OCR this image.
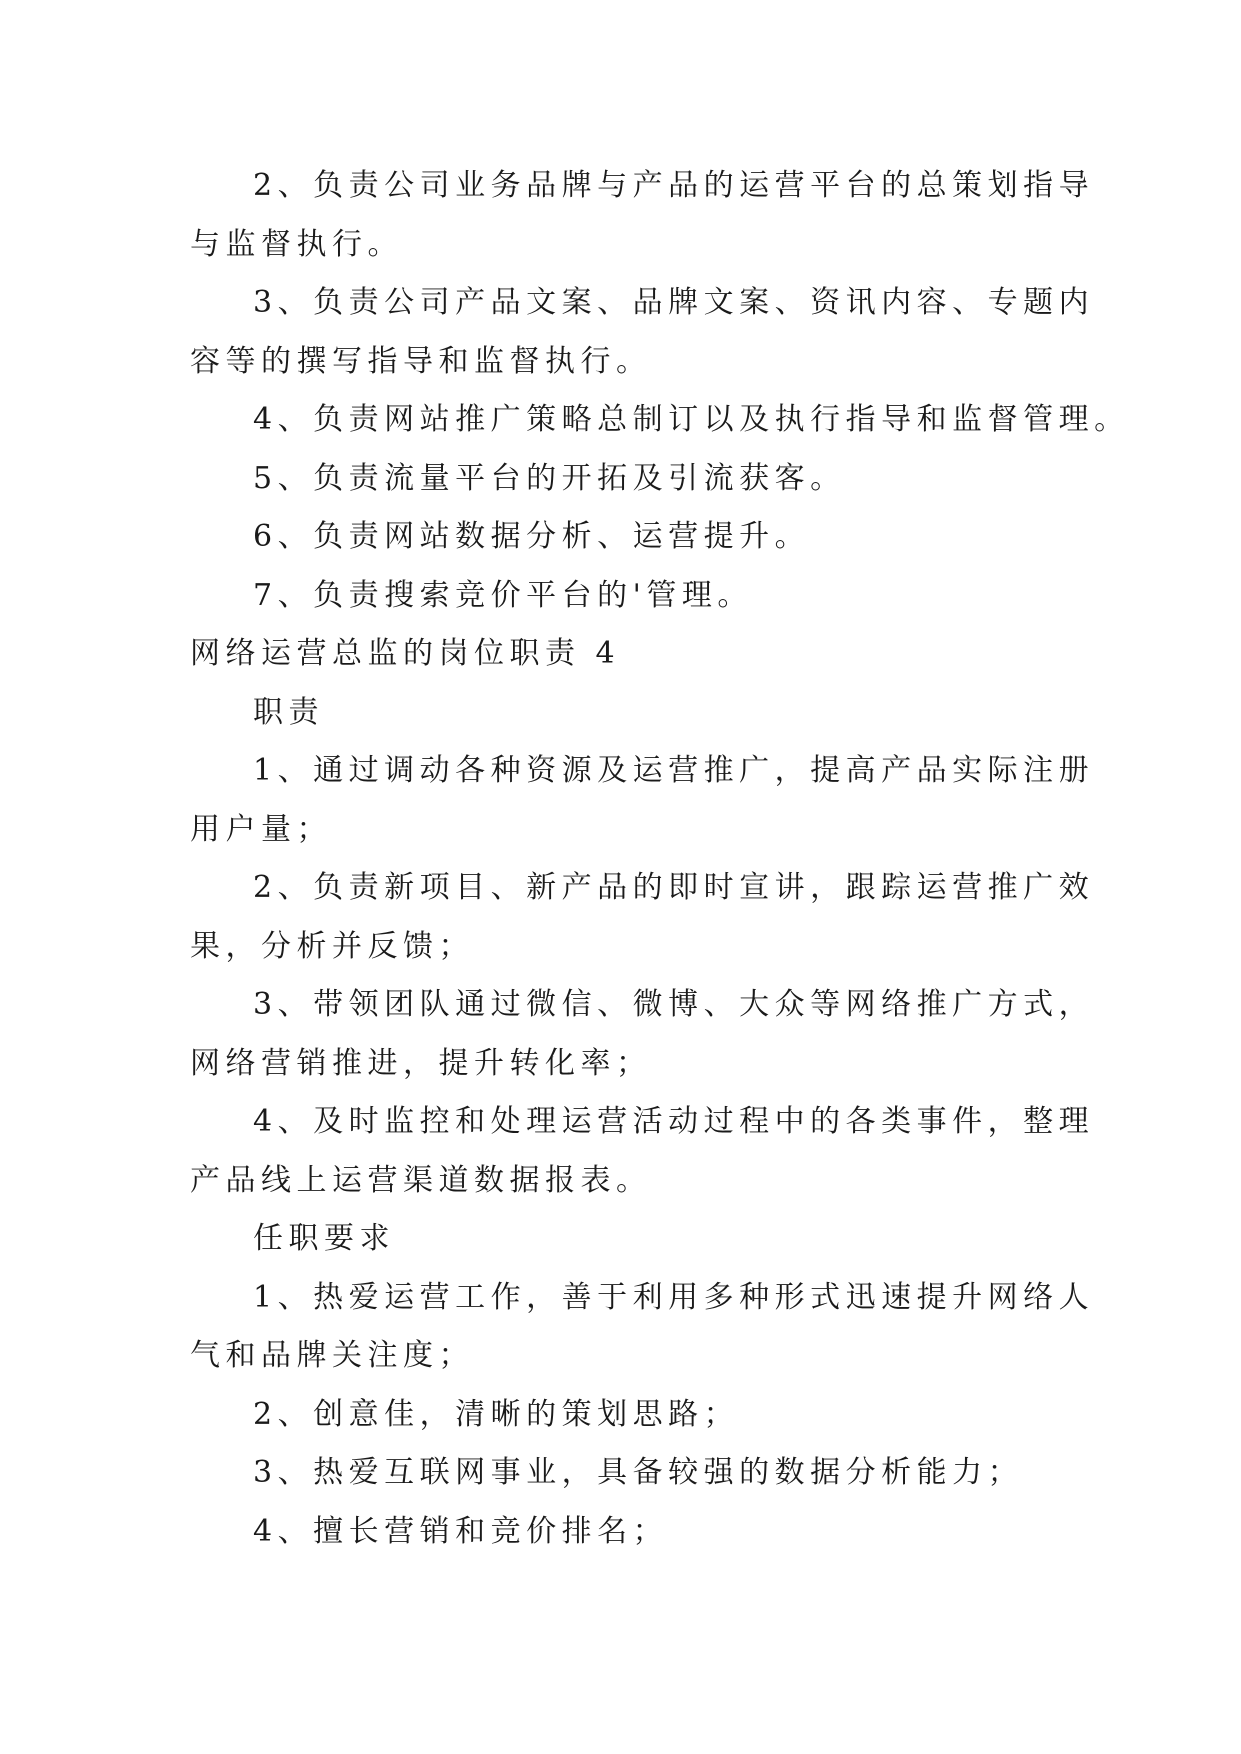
2、负责公司业务品牌与产品的运营平台的总策划指导

与监督执行。

3、负责公司产品文案、品牌文案、资讯内容、专题内

容等的撰写指导和监督执行。

4、负责网站推广策略总制订以及执行指导和监督管理。

5、负责流量平台的开拓及引流获客。

6、负责网站数据分析、运营提升。

7、负责搜索竞价平台的'管理。

网络运营总监的岗位职责 4

职责

1、通过调动各种资源及运营推广，提高产品实际注册

用户量；

2、负责新项目、新产品的即时宣讲，跟踪运营推广效

果，分析并反馈；

3、带领团队通过微信、微博、大众等网络推广方式，

网络营销推进，提升转化率；

4、及时监控和处理运营活动过程中的各类事件，整理

产品线上运营渠道数据报表。

任职要求

1、热爱运营工作，善于利用多种形式迅速提升网络人

气和品牌关注度；

2、创意佳，清晰的策划思路；

3、热爱互联网事业，具备较强的数据分析能力；

4、擅长营销和竞价排名；
